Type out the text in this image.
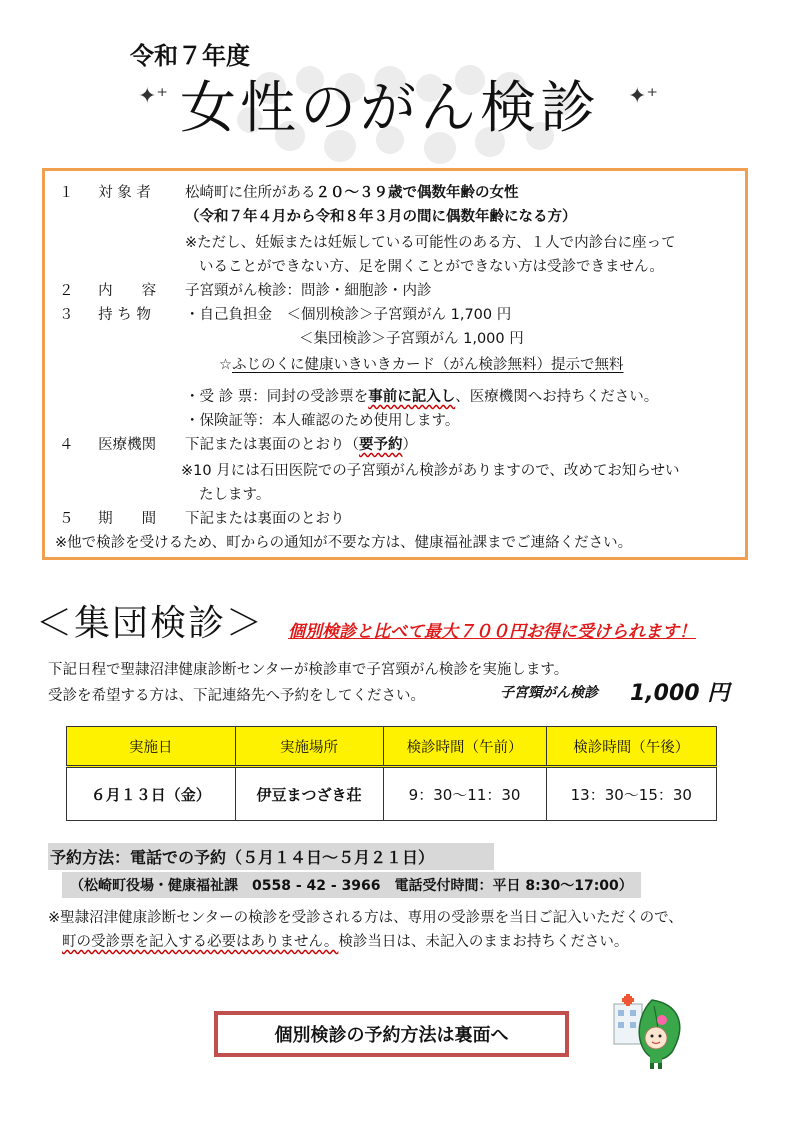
令和７年度
✦⁺ 女性のがん検診 ✦⁺
１ 対 象 者 松崎町に住所がある２０～３９歳で偶数年齢の女性
（令和７年４月から令和８年３月の間に偶数年齢になる方）
※ただし、妊娠または妊娠している可能性のある方、１人で内診台に座って
いることができない方、足を開くことができない方は受診できません。
２ 内　　容 子宮頸がん検診：問診・細胞診・内診
３ 持 ち 物 ・自己負担金　＜個別検診＞子宮頸がん 1,700 円
＜集団検診＞子宮頸がん 1,000 円
☆ふじのくに健康いきいきカード（がん検診無料）提示で無料
・受 診 票：同封の受診票を事前に記入し、医療機関へお持ちください。
・保険証等：本人確認のため使用します。
４ 医療機関 下記または裏面のとおり（要予約）
※10 月には石田医院での子宮頸がん検診がありますので、改めてお知らせい
たします。
５ 期　　間 下記または裏面のとおり
※他で検診を受けるため、町からの通知が不要な方は、健康福祉課までご連絡ください。
＜集団検診＞ 個別検診と比べて最大７００円お得に受けられます！
下記日程で聖隷沼津健康診断センターが検診車で子宮頸がん検診を実施します。
受診を希望する方は、下記連絡先へ予約をしてください。	子宮頸がん検診 1,000 円
実施日	実施場所	検診時間（午前）	検診時間（午後）
６月１３日（金）	伊豆まつざき荘	9：30～11：30	13：30～15：30
予約方法：電話での予約（５月１４日～５月２１日）
（松崎町役場・健康福祉課　0558 - 42 - 3966　電話受付時間：平日 8:30～17:00）
※聖隷沼津健康診断センターの検診を受診される方は、専用の受診票を当日ご記入いただくので、
町の受診票を記入する必要はありません。検診当日は、未記入のままお持ちください。
個別検診の予約方法は裏面へ
